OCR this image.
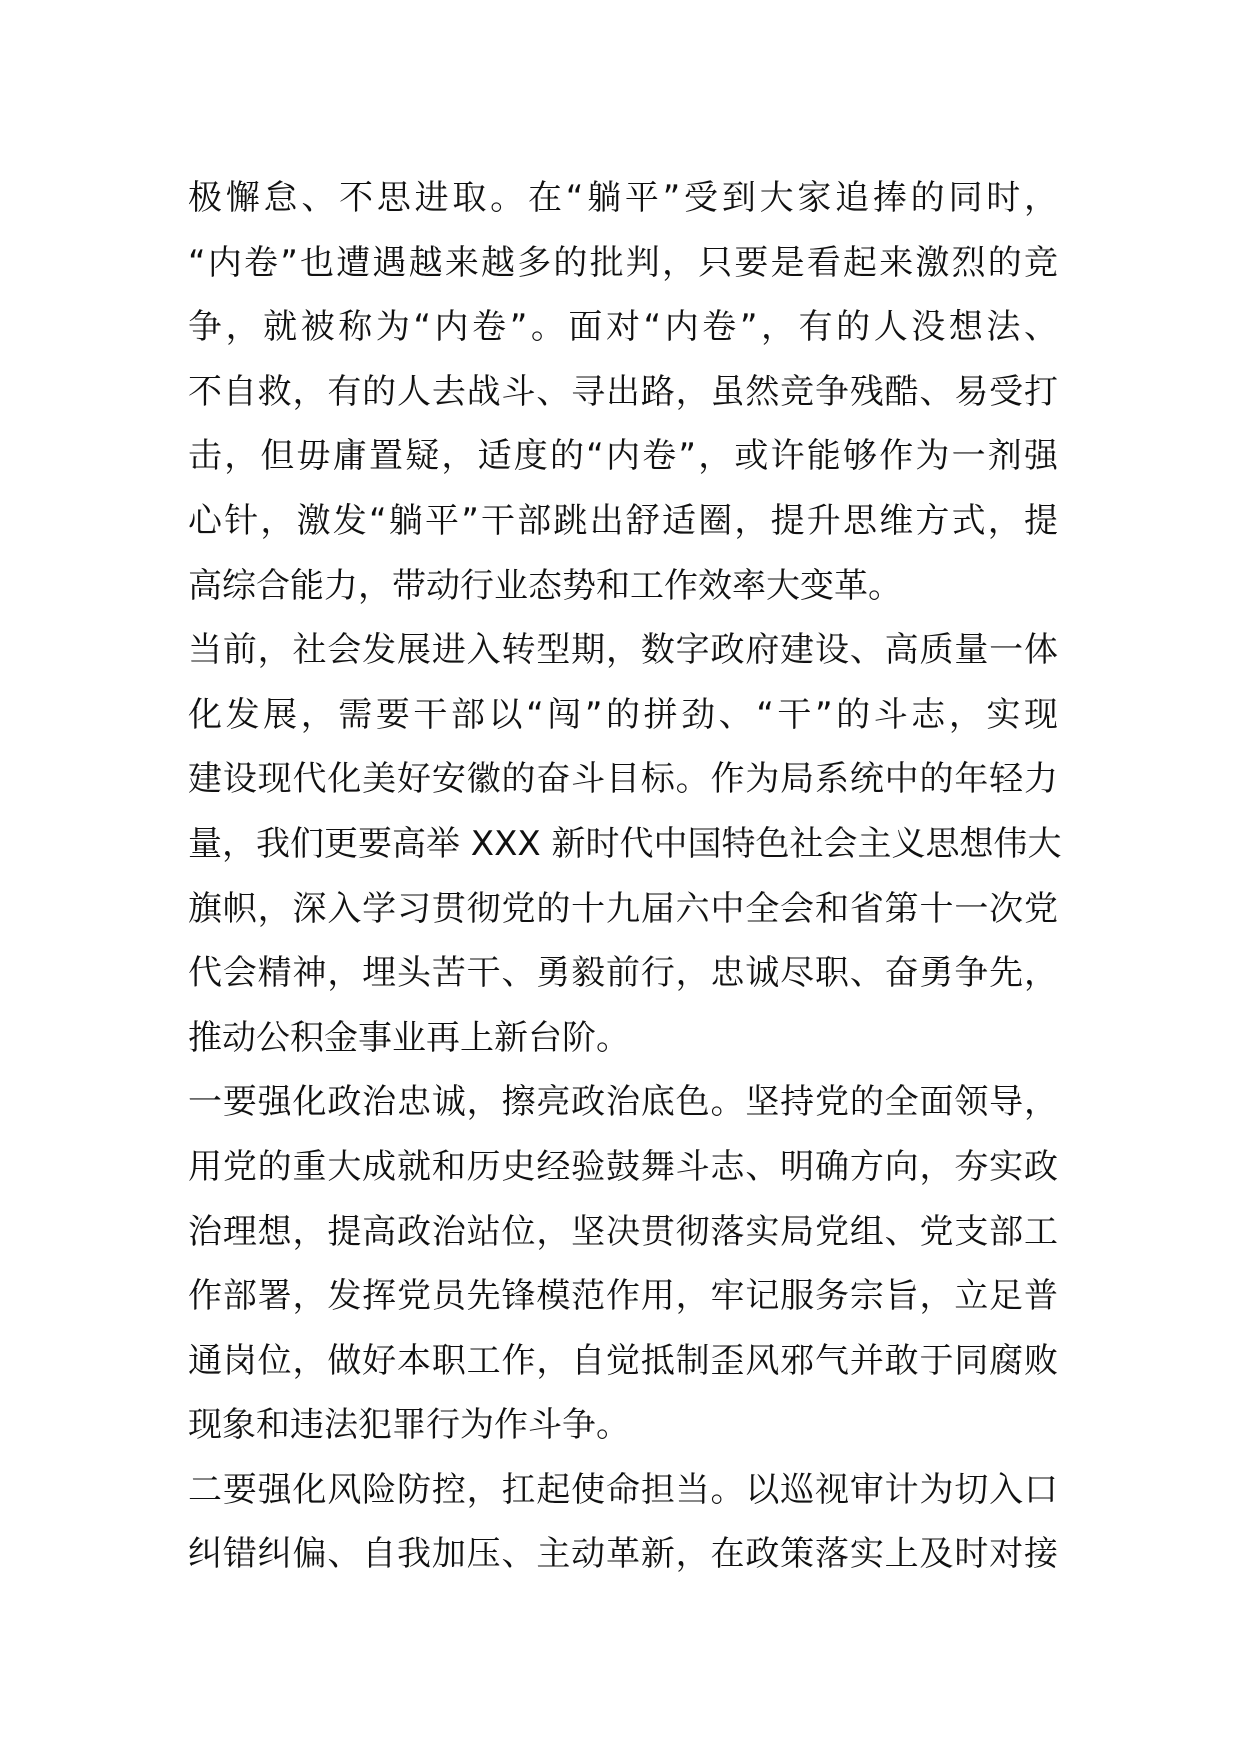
极懈怠、不思进取。在“躺平”受到大家追捧的同时，
“内卷”也遭遇越来越多的批判，只要是看起来激烈的竞
争，就被称为“内卷”。面对“内卷”，有的人没想法、
不自救，有的人去战斗、寻出路，虽然竞争残酷、易受打
击，但毋庸置疑，适度的“内卷”，或许能够作为一剂强
心针，激发“躺平”干部跳出舒适圈，提升思维方式，提
高综合能力，带动行业态势和工作效率大变革。
当前，社会发展进入转型期，数字政府建设、高质量一体
化发展，需要干部以“闯”的拼劲、“干”的斗志，实现
建设现代化美好安徽的奋斗目标。作为局系统中的年轻力
量，我们更要高举 XXX 新时代中国特色社会主义思想伟大
旗帜，深入学习贯彻党的十九届六中全会和省第十一次党
代会精神，埋头苦干、勇毅前行，忠诚尽职、奋勇争先，
推动公积金事业再上新台阶。
一要强化政治忠诚，擦亮政治底色。坚持党的全面领导，
用党的重大成就和历史经验鼓舞斗志、明确方向，夯实政
治理想，提高政治站位，坚决贯彻落实局党组、党支部工
作部署，发挥党员先锋模范作用，牢记服务宗旨，立足普
通岗位，做好本职工作，自觉抵制歪风邪气并敢于同腐败
现象和违法犯罪行为作斗争。
二要强化风险防控，扛起使命担当。以巡视审计为切入口
纠错纠偏、自我加压、主动革新，在政策落实上及时对接
